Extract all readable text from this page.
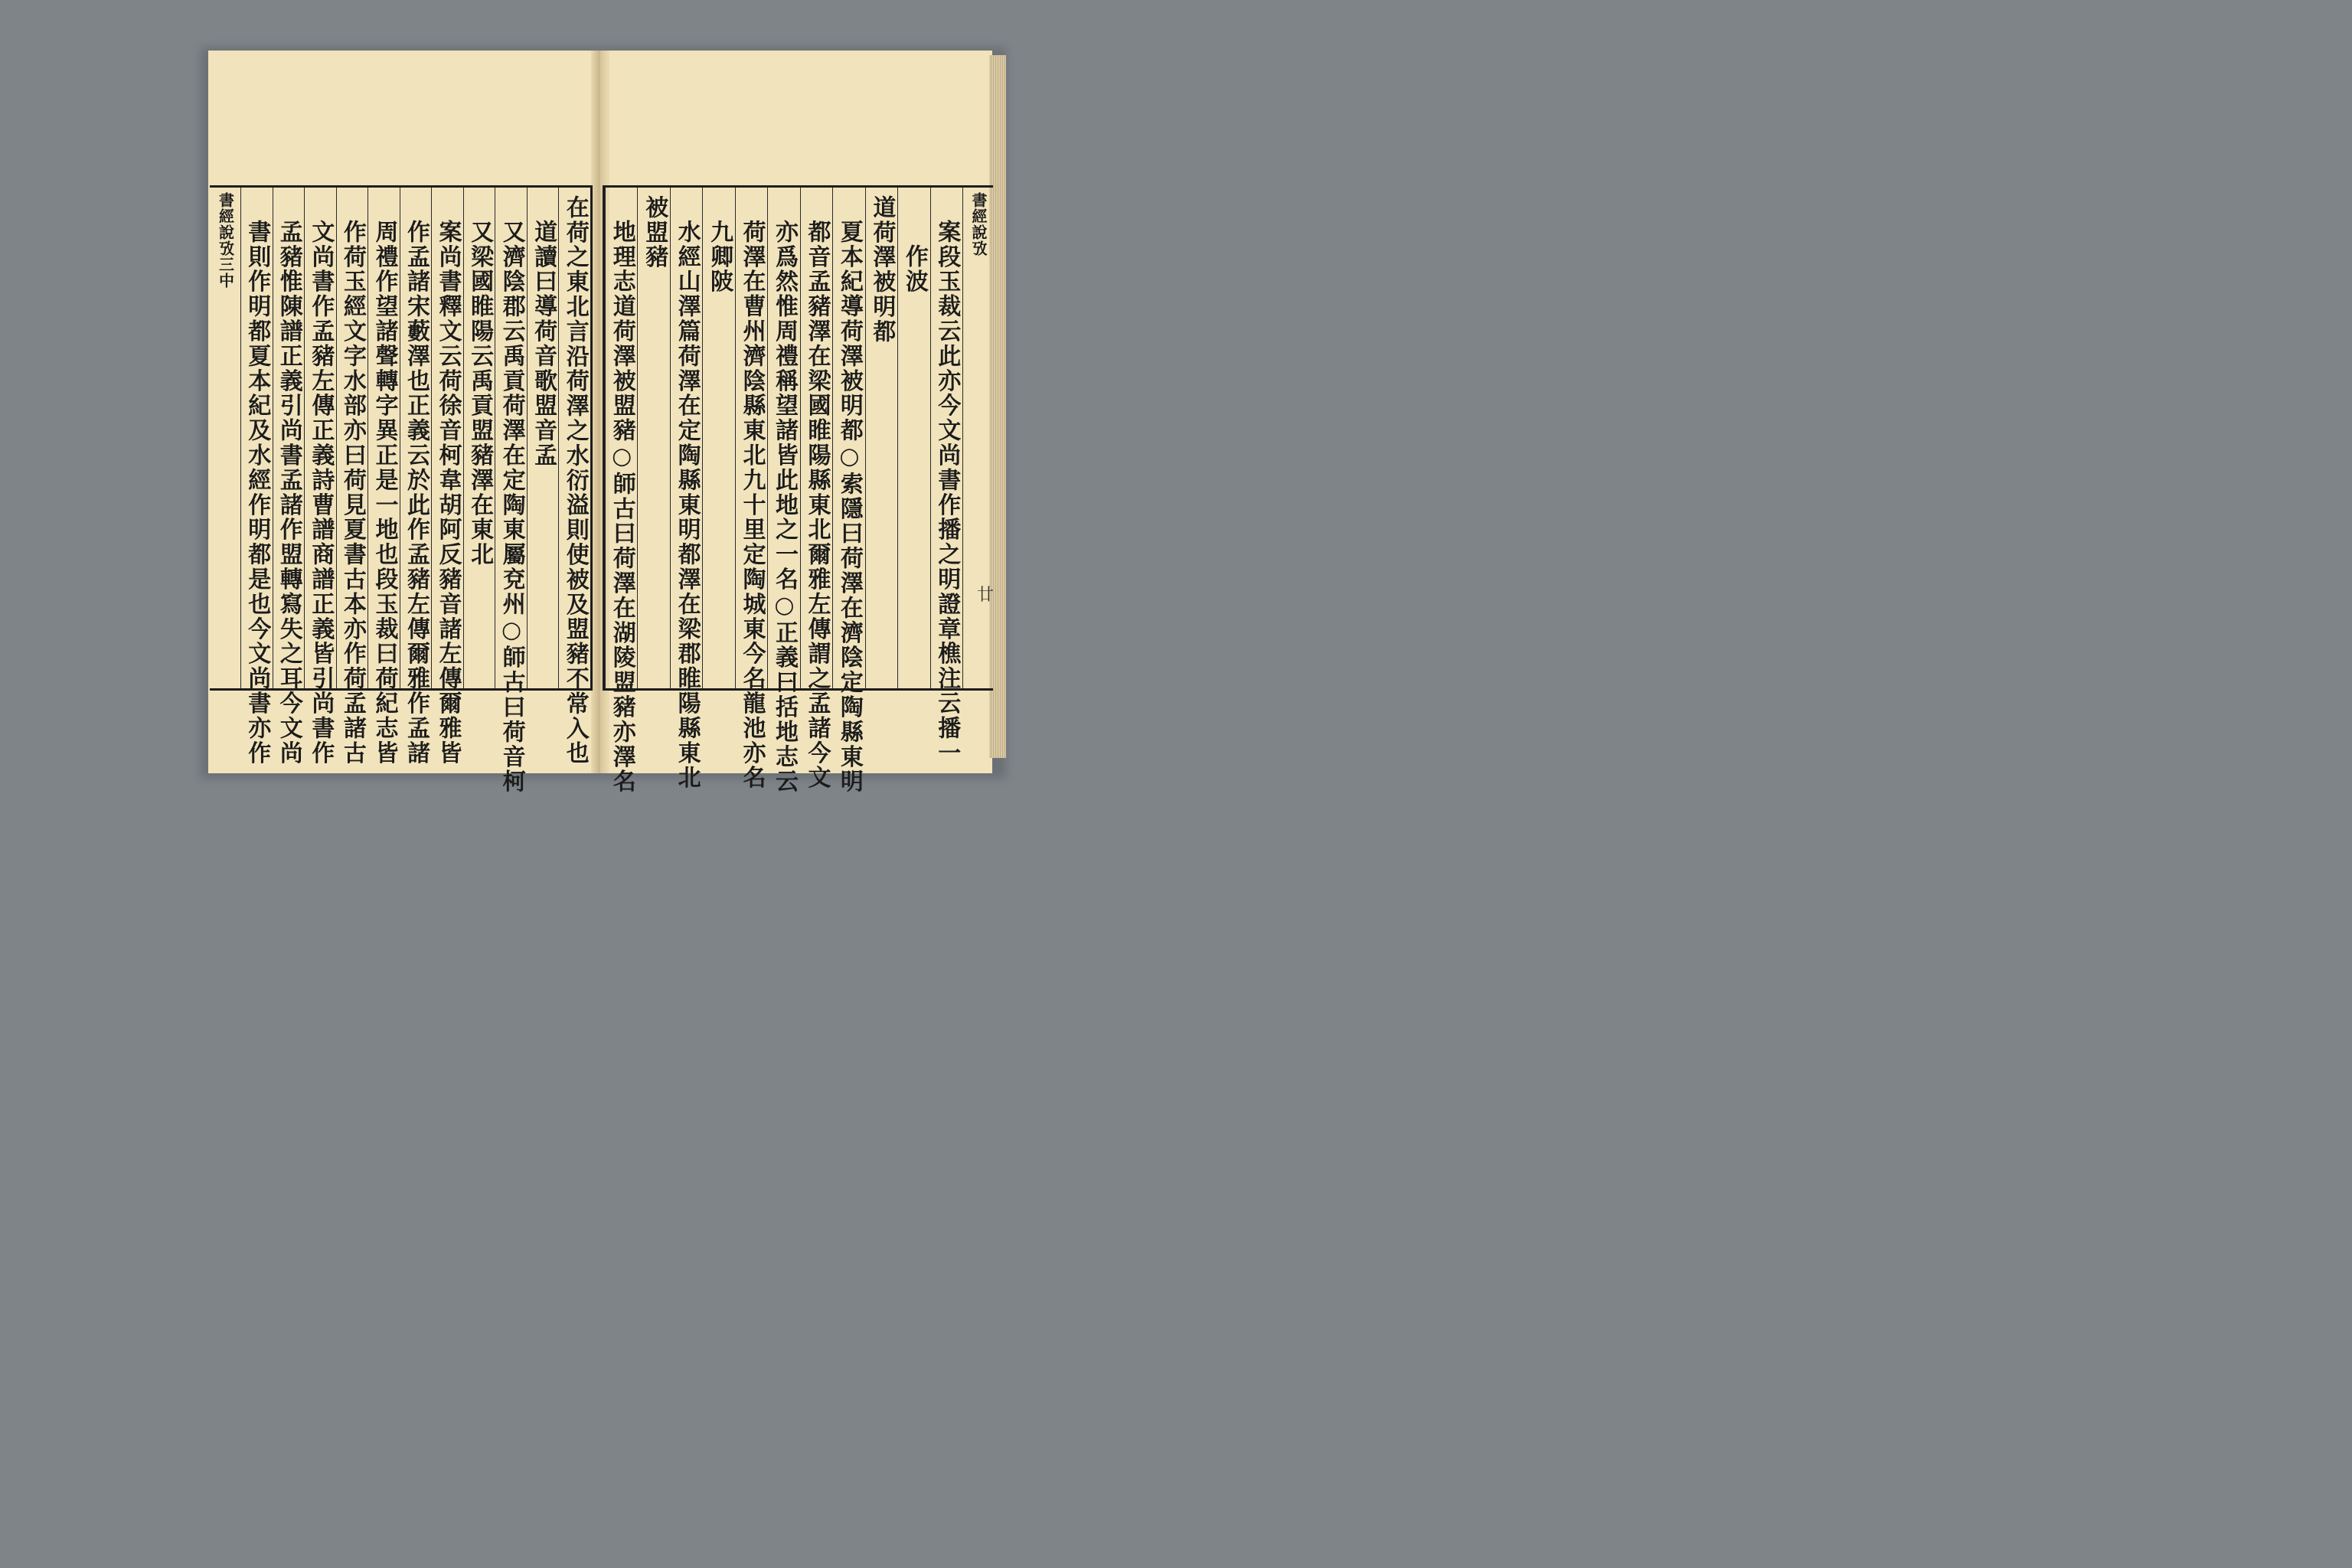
在荷之東北言沿荷澤之水衍溢則使被及盟豬不常入也
道讀曰導荷音歌盟音孟
又濟陰郡云禹貢荷澤在定陶東屬兗州○師古曰荷音柯
又梁國睢陽云禹貢盟豬澤在東北
案尚書釋文云荷徐音柯韋胡阿反豬音諸左傳爾雅皆
作孟諸宋藪澤也正義云於此作孟豬左傳爾雅作孟諸
周禮作望諸聲轉字異正是一地也段玉裁曰荷紀志皆
作荷玉經文字水部亦曰荷見夏書古本亦作荷孟諸古
文尚書作孟豬左傳正義詩曹譜商譜正義皆引尚書作
孟豬惟陳譜正義引尚書孟諸作盟轉寫失之耳今文尚
書則作明都夏本紀及水經作明都是也今文尚書亦作
書經說攷三中	書經說攷
案段玉裁云此亦今文尚書作播之明證章樵注云播一
作波
道荷澤被明都
夏本紀導荷澤被明都○索隱曰荷澤在濟陰定陶縣東明
都音孟豬澤在梁國睢陽縣東北爾雅左傳謂之孟諸今文
亦爲然惟周禮稱望諸皆此地之一名○正義曰括地志云
荷澤在曹州濟陰縣東北九十里定陶城東今名龍池亦名
九卿陂
水經山澤篇荷澤在定陶縣東明都澤在梁郡睢陽縣東北
被盟豬
地理志道荷澤被盟豬○師古曰荷澤在湖陵盟豬亦澤名	廿
